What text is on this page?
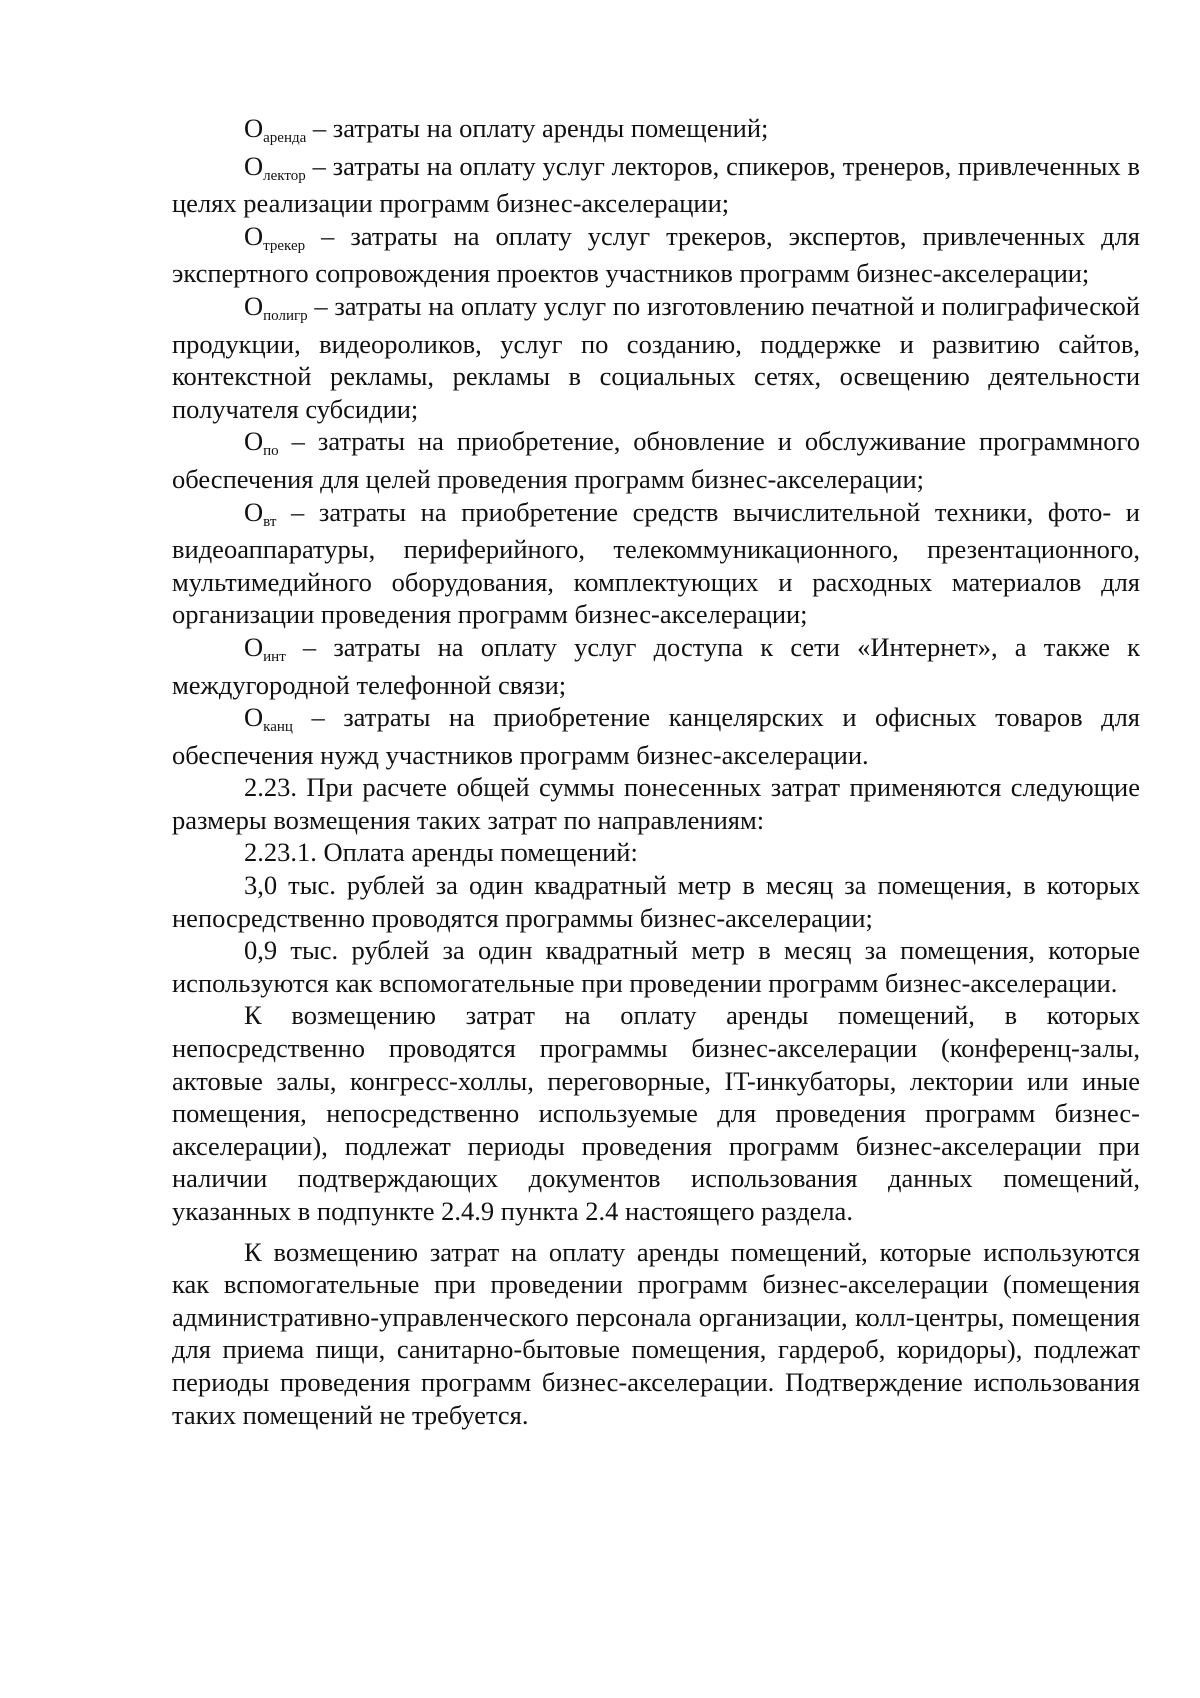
Оаренда – затраты на оплату аренды помещений;

Олектор – затраты на оплату услуг лекторов, спикеров, тренеров, привлеченных в целях реализации программ бизнес-акселерации;

Отрекер – затраты на оплату услуг трекеров, экспертов, привлеченных для экспертного сопровождения проектов участников программ бизнес-акселерации;

Ополигр – затраты на оплату услуг по изготовлению печатной и полиграфической продукции, видеороликов, услуг по созданию, поддержке и развитию сайтов, контекстной рекламы, рекламы в социальных сетях, освещению деятельности получателя субсидии;

Опо – затраты на приобретение, обновление и обслуживание программного обеспечения для целей проведения программ бизнес-акселерации;

Овт – затраты на приобретение средств вычислительной техники, фото- и видеоаппаратуры, периферийного, телекоммуникационного, презентационного, мультимедийного оборудования, комплектующих и расходных материалов для организации проведения программ бизнес-акселерации;

Оинт – затраты на оплату услуг доступа к сети «Интернет», а также к междугородной телефонной связи;

Оканц – затраты на приобретение канцелярских и офисных товаров для обеспечения нужд участников программ бизнес-акселерации.

2.23. При расчете общей суммы понесенных затрат применяются следующие размеры возмещения таких затрат по направлениям:

2.23.1. Оплата аренды помещений:

3,0 тыс. рублей за один квадратный метр в месяц за помещения, в которых непосредственно проводятся программы бизнес-акселерации;

0,9 тыс. рублей за один квадратный метр в месяц за помещения, которые используются как вспомогательные при проведении программ бизнес-акселерации.

К возмещению затрат на оплату аренды помещений, в которых непосредственно проводятся программы бизнес-акселерации (конференц-залы, актовые залы, конгресс-холлы, переговорные, IT-инкубаторы, лектории или иные помещения, непосредственно используемые для проведения программ бизнес-акселерации), подлежат периоды проведения программ бизнес-акселерации при наличии подтверждающих документов использования данных помещений, указанных в подпункте 2.4.9 пункта 2.4 настоящего раздела.

К возмещению затрат на оплату аренды помещений, которые используются как вспомогательные при проведении программ бизнес-акселерации (помещения административно-управленческого персонала организации, колл-центры, помещения для приема пищи, санитарно-бытовые помещения, гардероб, коридоры), подлежат периоды проведения программ бизнес-акселерации. Подтверждение использования таких помещений не требуется.
